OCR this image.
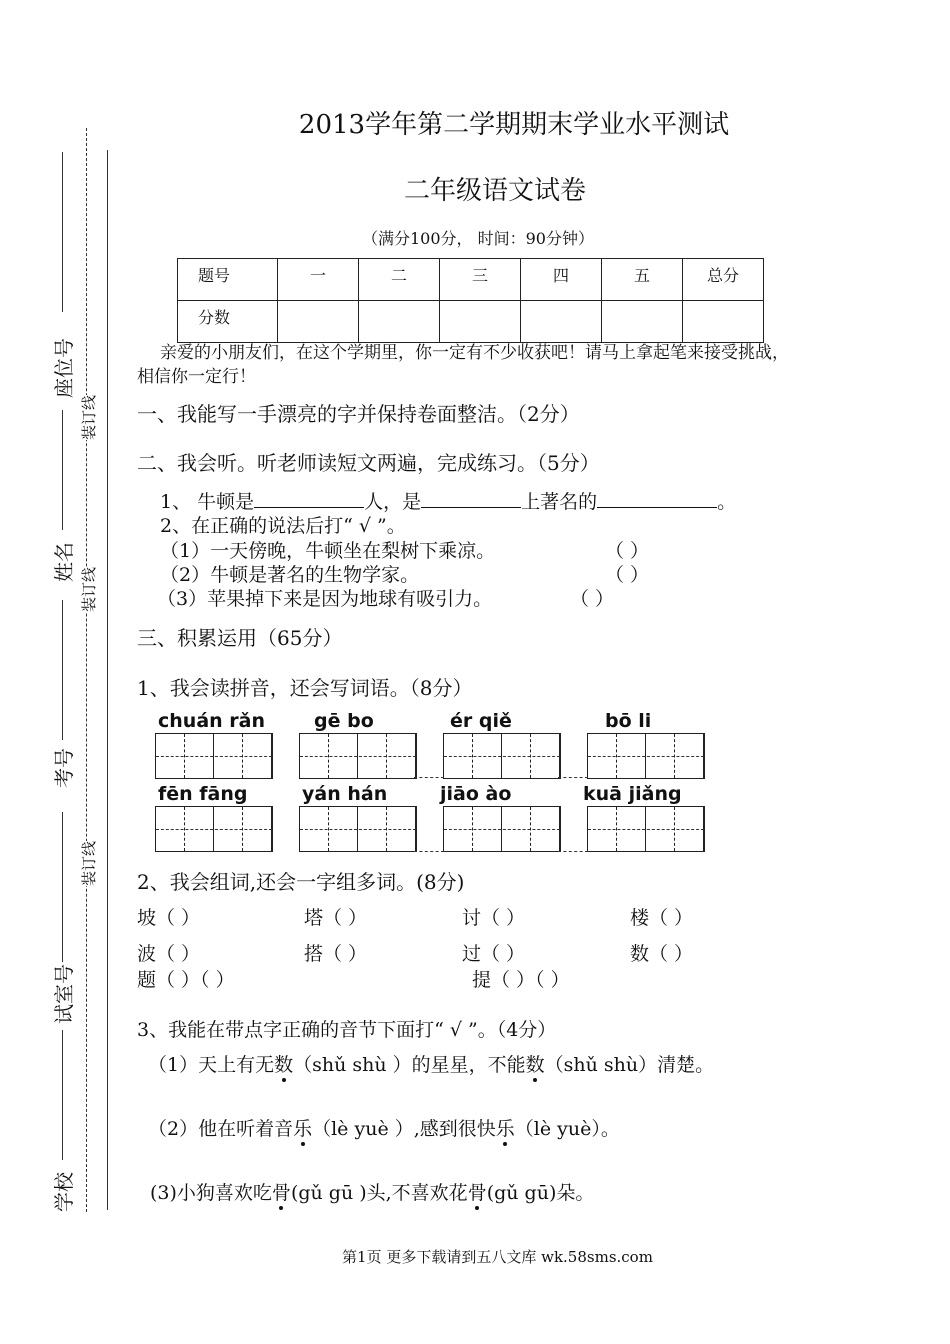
座位号
装订线
姓名
装订线
考号
装订线
试室号
学校
2013学年第二学期期末学业水平测试
二年级语文试卷
（满分100分， 时间：90分钟）
题号	一	二	三	四	五	总分
分数						
亲爱的小朋友们，在这个学期里，你一定有不少收获吧！请马上拿起笔来接受挑战，
相信你一定行！
一、我能写一手漂亮的字并保持卷面整洁。（2分）
二、我会听。听老师读短文两遍，完成练习。（5分）
1、 牛顿是	人，是	上著名的	。
2、在正确的说法后打“ √ ”。
（1）一天傍晚，牛顿坐在梨树下乘凉。	（ ）
（2）牛顿是著名的生物学家。	（ ）
（3）苹果掉下来是因为地球有吸引力。	（ ）
三、积累运用（65分）
1、我会读拼音，还会写词语。（8分）
chuán rǎn	gē bo	ér qiě	bō li
fēn fāng	yán hán	jiāo ào	kuā jiǎng
2、我会组词,还会一字组多词。(8分)
坡（ ）	塔（ ）	讨（ ）	楼（ ）
波（ ）	搭（ ）	过（ ）	数（ ）
题（ ）（ ）	提（ ）（ ）
3、我能在带点字正确的音节下面打“ √ ”。（4分）
（1）天上有无数（shǔ shù ）的星星，不能数（shǔ shù）清楚。
（2）他在听着音乐（lè yuè ）,感到很快乐（lè yuè）。
(3)小狗喜欢吃骨(gǔ gū )头,不喜欢花骨(gǔ gū)朵。
第1页 更多下载请到五八文库 wk.58sms.com
